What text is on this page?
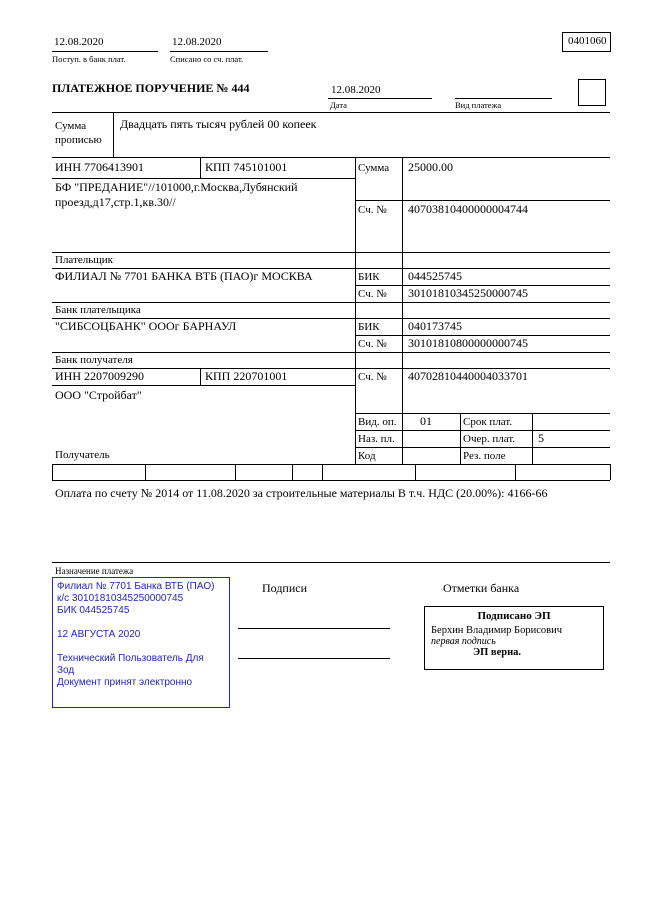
12.08.2020
Поступ. в банк плат.
12.08.2020
Списано со сч. плат.
0401060
ПЛАТЕЖНОЕ ПОРУЧЕНИЕ № 444	12.08.2020
Дата	Вид платежа
Сумма
прописью
Двадцать пять тысяч рублей 00 копеек
ИНН 7706413901	КПП 745101001	Сумма 25000.00
БФ "ПРЕДАНИЕ"//101000,г.Москва,Лубянский
проезд,д17,стр.1,кв.30//
Сч. № 40703810400000004744
Плательщик
ФИЛИАЛ № 7701 БАНКА ВТБ (ПАО)г МОСКВА	БИК 044525745
Сч. № 30101810345250000745
Банк плательщика
"СИБСОЦБАНК" ОООг БАРНАУЛ	БИК 040173745
Сч. № 30101810800000000745
Банк получателя
ИНН 2207009290	КПП 220701001	Сч. № 40702810440004033701
ООО "Стройбат"
Вид. оп. 01	Срок плат.
Наз. пл.	Очер. плат. 5
Получатель	Код	Рез. поле
Оплата по счету № 2014 от 11.08.2020 за строительные материалы В т.ч. НДС (20.00%): 4166-66
Назначение платежа
Подписи	Отметки банка
Филиал № 7701 Банка ВТБ (ПАО)
к/с 30101810345250000745
БИК 044525745
12 АВГУСТА 2020
Технический Пользователь Для
Зод
Документ принят электронно
Подписано ЭП
Берхин Владимир Борисович
первая подпись
ЭП верна.
